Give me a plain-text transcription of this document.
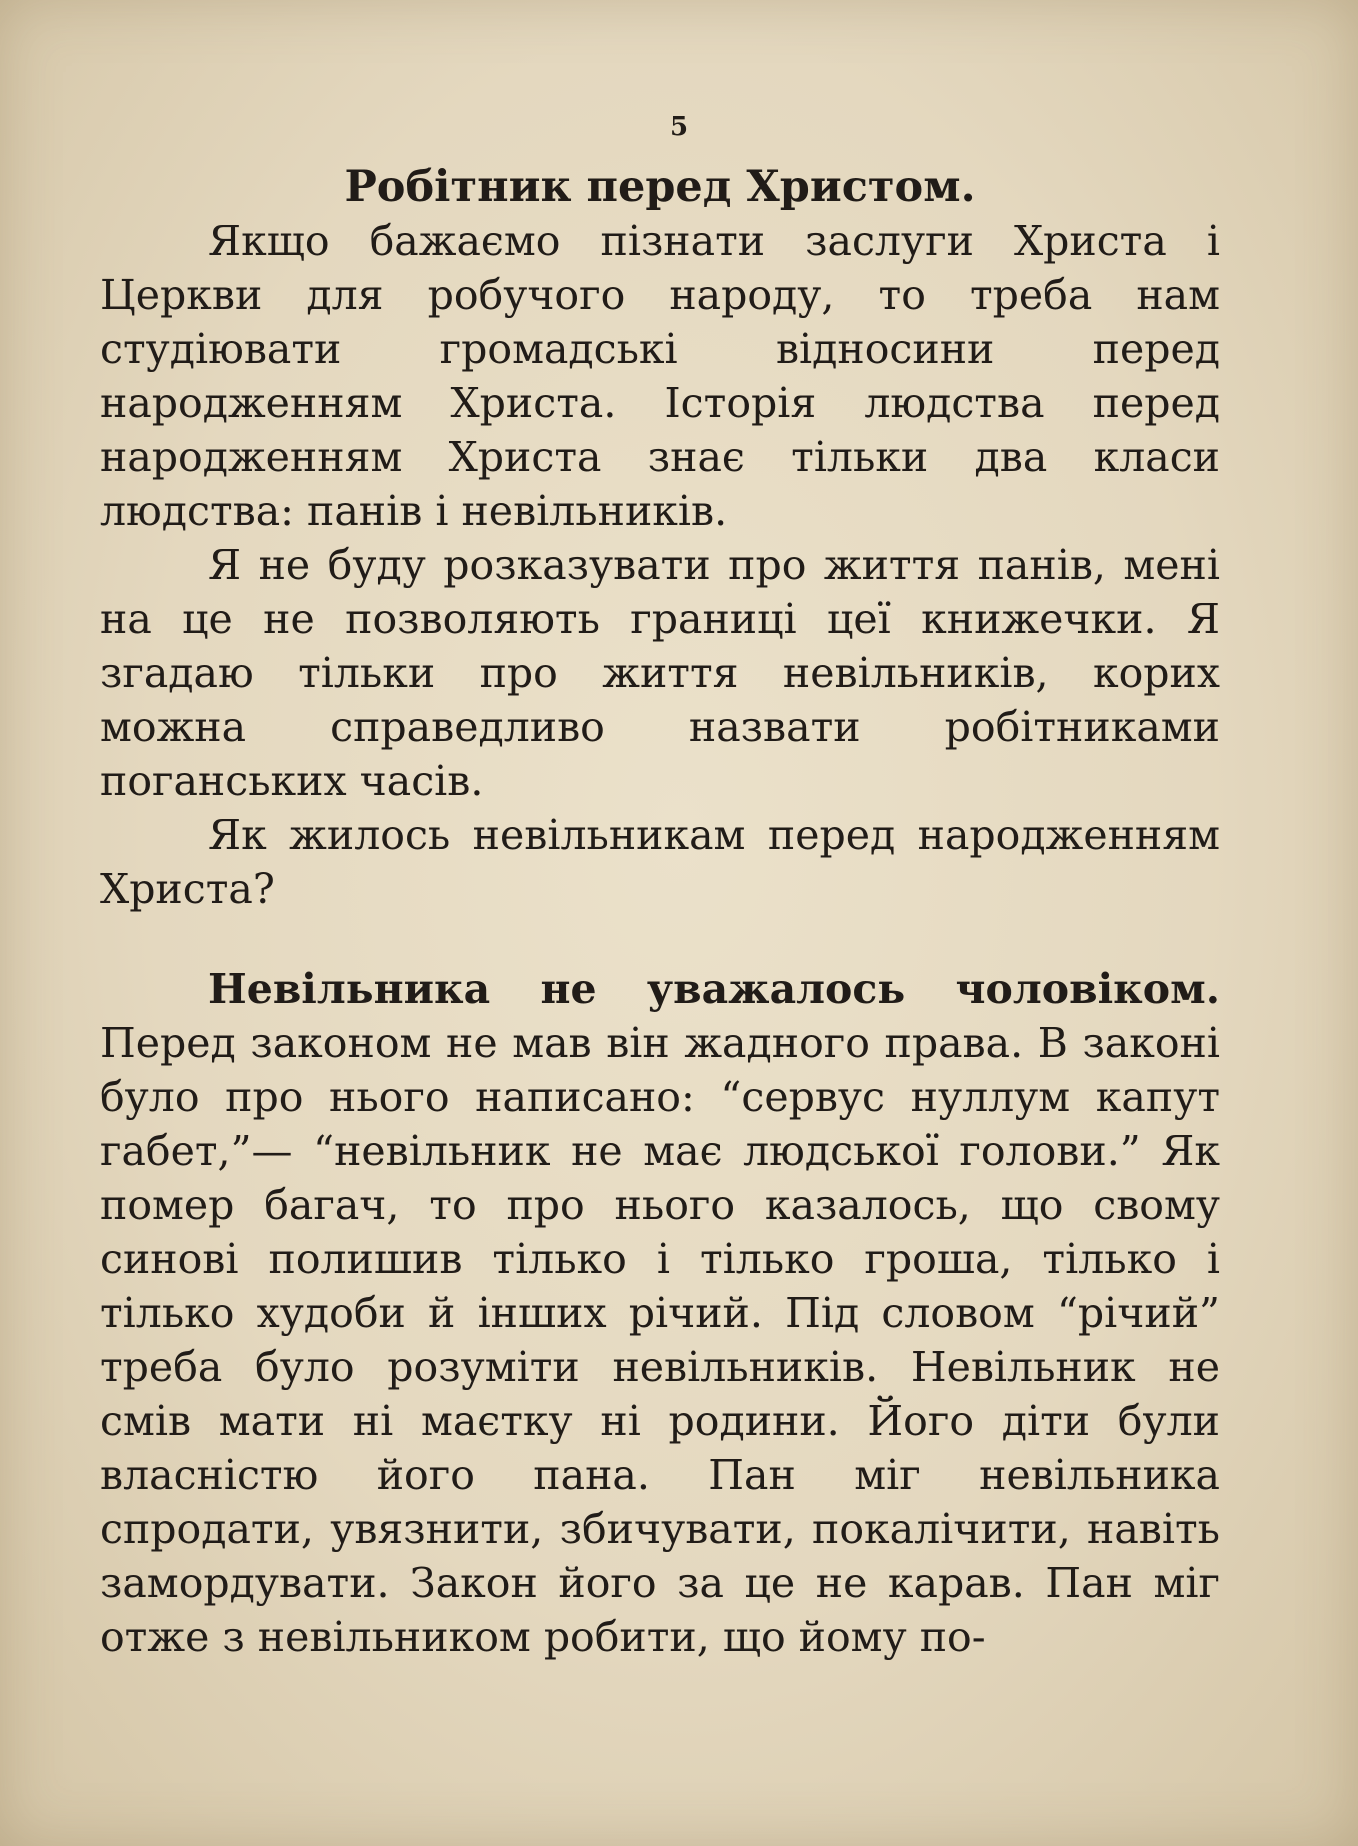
5
Робітник перед Христом.

Якщо бажаємо пізнати заслуги Христа і Церкви для робучого народу, то треба нам студіювати громадські відносини перед народженням Христа. Історія людства перед народженням Христа знає тільки два класи людства: панів і невільників.

Я не буду розказувати про життя панів, мені на це не позволяють границі цеї книжечки. Я згадаю тільки про життя невільників, корих можна справедливо назвати робітниками поганських часів.

Як жилось невільникам перед народженням Христа?

Невільника не уважалось чоловіком. Перед законом не мав він жадного права. В законі було про нього написано: “сервус нуллум капут габет,”— “невільник не має людської голови.” Як помер багач, то про нього казалось, що свому синові полишив тілько і тілько гроша, тілько і тілько худоби й інших річий. Під словом “річий” треба було розуміти невільників. Невільник не смів мати ні маєтку ні родини. Його діти були власністю його пана. Пан міг невільника спродати, увязнити, збичувати, покалічити, навіть замордувати. Закон його за це не карав. Пан міг отже з невільником робити, що йому по-
